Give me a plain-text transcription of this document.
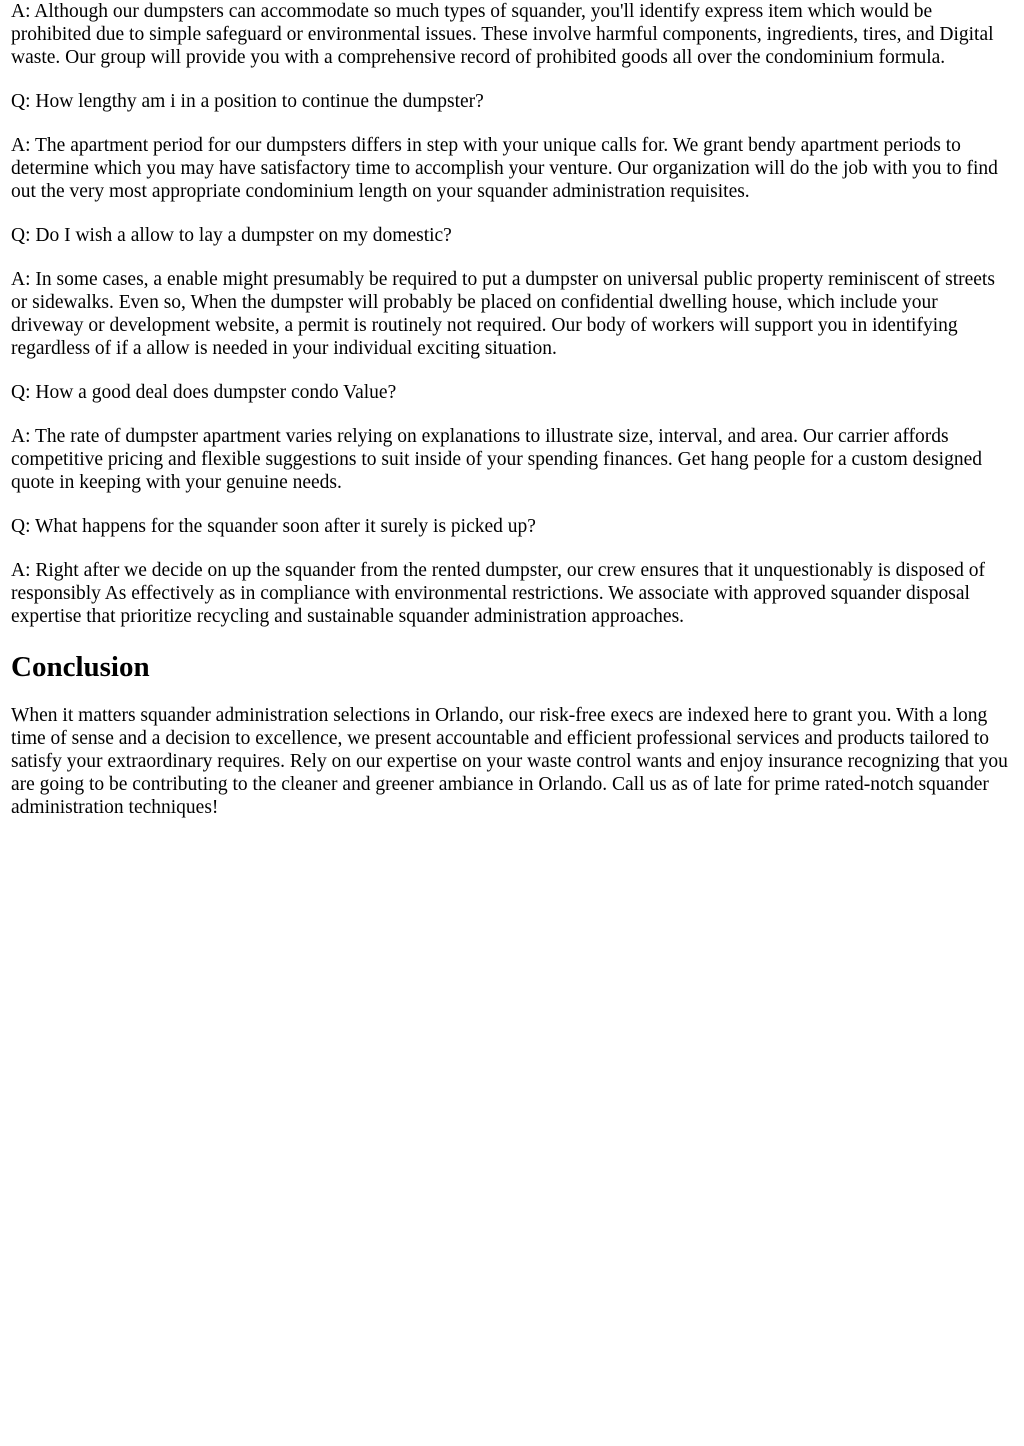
A: Although our dumpsters can accommodate so much types of squander, you'll identify express item which would be prohibited due to simple safeguard or environmental issues. These involve harmful components, ingredients, tires, and Digital waste. Our group will provide you with a comprehensive record of prohibited goods all over the condominium formula.

Q: How lengthy am i in a position to continue the dumpster?

A: The apartment period for our dumpsters differs in step with your unique calls for. We grant bendy apartment periods to determine which you may have satisfactory time to accomplish your venture. Our organization will do the job with you to find out the very most appropriate condominium length on your squander administration requisites.

Q: Do I wish a allow to lay a dumpster on my domestic?

A: In some cases, a enable might presumably be required to put a dumpster on universal public property reminiscent of streets or sidewalks. Even so, When the dumpster will probably be placed on confidential dwelling house, which include your driveway or development website, a permit is routinely not required. Our body of workers will support you in identifying regardless of if a allow is needed in your individual exciting situation.

Q: How a good deal does dumpster condo Value?

A: The rate of dumpster apartment varies relying on explanations to illustrate size, interval, and area. Our carrier affords competitive pricing and flexible suggestions to suit inside of your spending finances. Get hang people for a custom designed quote in keeping with your genuine needs.

Q: What happens for the squander soon after it surely is picked up?

A: Right after we decide on up the squander from the rented dumpster, our crew ensures that it unquestionably is disposed of responsibly As effectively as in compliance with environmental restrictions. We associate with approved squander disposal expertise that prioritize recycling and sustainable squander administration approaches.

Conclusion

When it matters squander administration selections in Orlando, our risk-free execs are indexed here to grant you. With a long time of sense and a decision to excellence, we present accountable and efficient professional services and products tailored to satisfy your extraordinary requires. Rely on our expertise on your waste control wants and enjoy insurance recognizing that you are going to be contributing to the cleaner and greener ambiance in Orlando. Call us as of late for prime rated-notch squander administration techniques!
